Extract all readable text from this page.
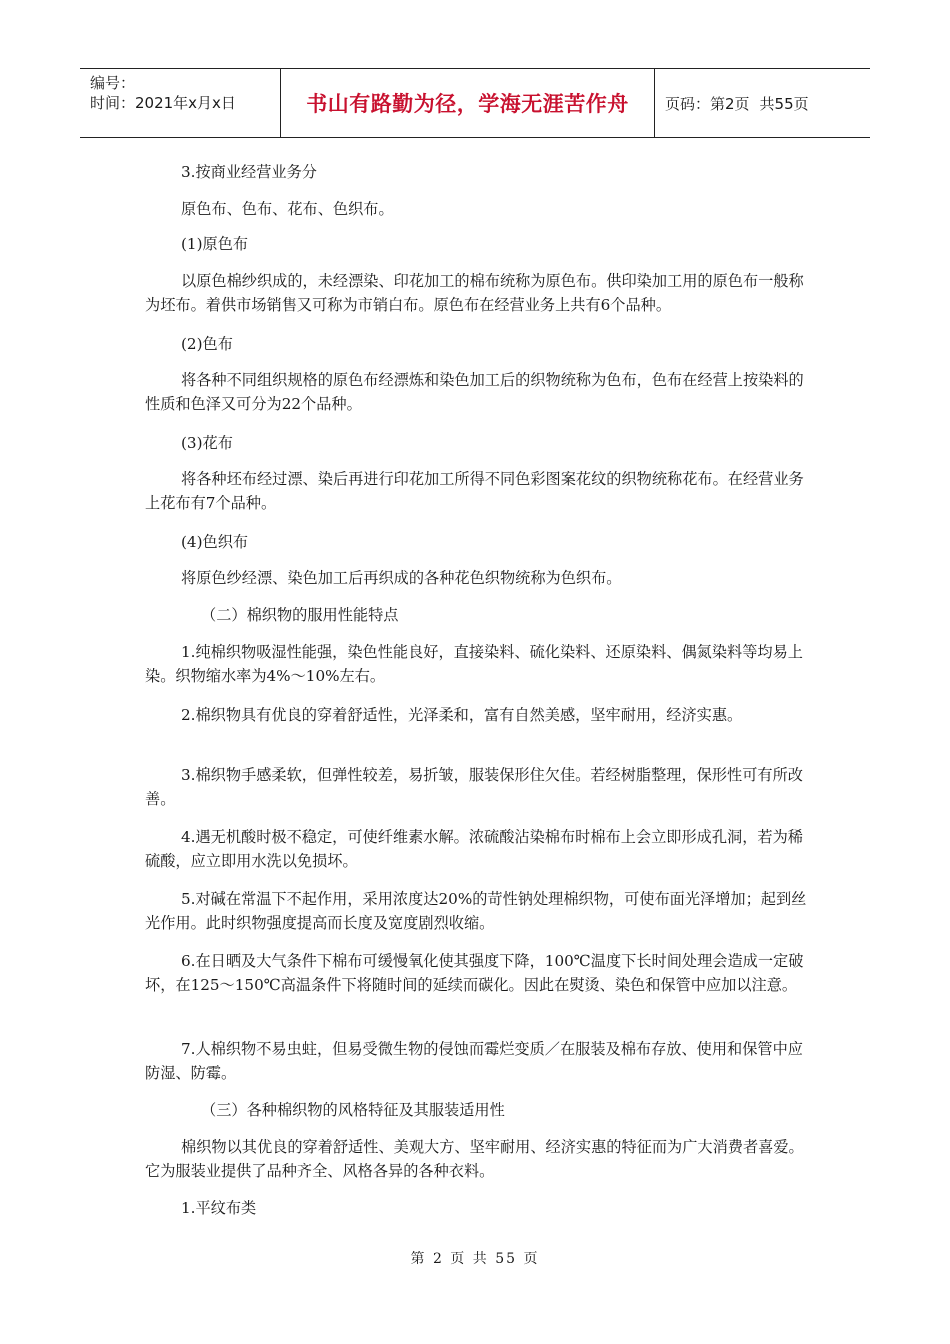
编号：
时间：2021年x月x日	书山有路勤为径，学海无涯苦作舟 页码：第2页 共55页

3.按商业经营业务分

原色布、色布、花布、色织布。

(1)原色布

以原色棉纱织成的，未经漂染、印花加工的棉布统称为原色布。供印染加工用的原色布一般称为坯布。着供市场销售又可称为市销白布。原色布在经营业务上共有6个品种。

(2)色布

将各种不同组织规格的原色布经漂炼和染色加工后的织物统称为色布，色布在经营上按染料的性质和色泽又可分为22个品种。

(3)花布

将各种坯布经过漂、染后再进行印花加工所得不同色彩图案花纹的织物统称花布。在经营业务上花布有7个品种。

(4)色织布

将原色纱经漂、染色加工后再织成的各种花色织物统称为色织布。

（二）棉织物的服用性能特点

1.纯棉织物吸湿性能强，染色性能良好，直接染料、硫化染料、还原染料、偶氮染料等均易上染。织物缩水率为4%～10%左右。

2.棉织物具有优良的穿着舒适性，光泽柔和，富有自然美感，坚牢耐用，经济实惠。

3.棉织物手感柔软，但弹性较差，易折皱，服装保形住欠佳。若经树脂整理，保形性可有所改善。

4.遇无机酸时极不稳定，可使纤维素水解。浓硫酸沾染棉布时棉布上会立即形成孔洞，若为稀硫酸，应立即用水洗以免损坏。

5.对碱在常温下不起作用，采用浓度达20%的苛性钠处理棉织物，可使布面光泽增加；起到丝光作用。此时织物强度提高而长度及宽度剧烈收缩。

6.在日晒及大气条件下棉布可缓慢氧化使其强度下降，100℃温度下长时间处理会造成一定破坏，在125～150℃高温条件下将随时间的延续而碳化。因此在熨烫、染色和保管中应加以注意。

7.人棉织物不易虫蛀，但易受微生物的侵蚀而霉烂变质／在服装及棉布存放、使用和保管中应防湿、防霉。

（三）各种棉织物的风格特征及其服装适用性

棉织物以其优良的穿着舒适性、美观大方、坚牢耐用、经济实惠的特征而为广大消费者喜爱。它为服装业提供了品种齐全、风格各异的各种衣料。

1.平纹布类

第 2 页 共 55 页
